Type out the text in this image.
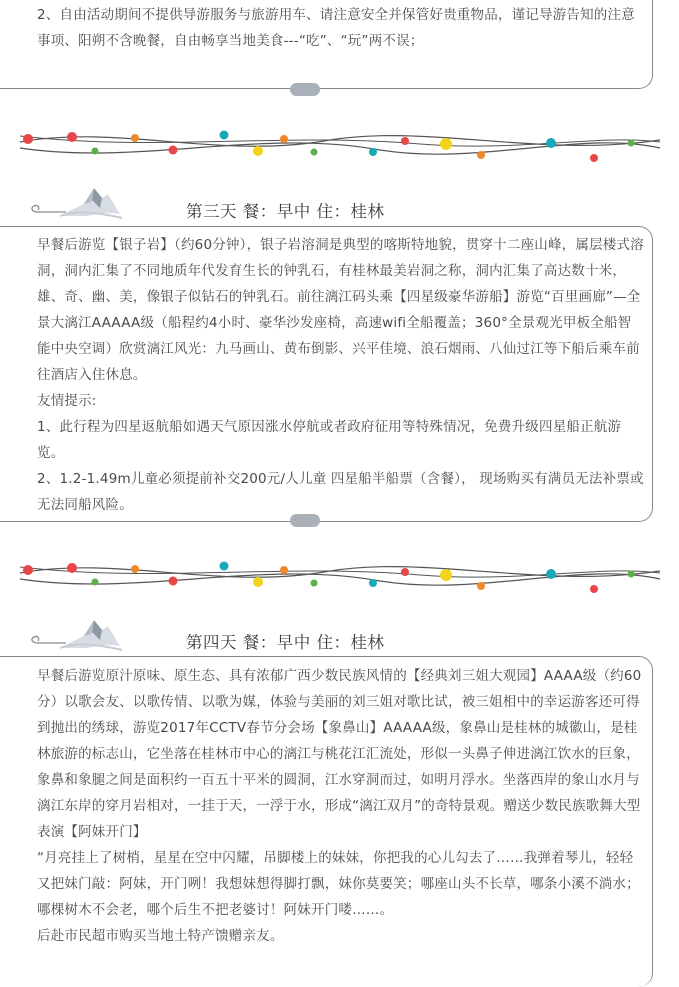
2、自由活动期间不提供导游服务与旅游用车、请注意安全并保管好贵重物品，谨记导游告知的注意事项、阳朔不含晚餐，自由畅享当地美食---“吃”、“玩”两不误；

第三天 餐：早中 住：桂林

早餐后游览【银子岩】（约60分钟），银子岩溶洞是典型的喀斯特地貌，贯穿十二座山峰，属层楼式溶洞，洞内汇集了不同地质年代发育生长的钟乳石，有桂林最美岩洞之称，洞内汇集了高达数十米，雄、奇、幽、美，像银子似钻石的钟乳石。前往漓江码头乘【四星级豪华游船】游览“百里画廊”—全景大漓江AAAAA级（船程约4小时、豪华沙发座椅，高速wifi全船覆盖；360°全景观光甲板全船智能中央空调）欣赏漓江风光：九马画山、黄布倒影、兴平佳境、浪石烟雨、八仙过江等下船后乘车前往酒店入住休息。

友情提示:

1、此行程为四星返航船如遇天气原因涨水停航或者政府征用等特殊情况，免费升级四星船正航游览。

2、1.2-1.49m儿童必须提前补交200元/人儿童 四星船半船票（含餐）， 现场购买有满员无法补票或无法同船风险。

第四天 餐：早中 住：桂林

早餐后游览原汁原味、原生态、具有浓郁广西少数民族风情的【经典刘三姐大观园】AAAA级（约60分）以歌会友、以歌传情、以歌为媒，体验与美丽的刘三姐对歌比试，被三姐相中的幸运游客还可得到抛出的绣球，游览2017年CCTV春节分会场【象鼻山】AAAAA级，象鼻山是桂林的城徽山，是桂林旅游的标志山，它坐落在桂林市中心的漓江与桃花江汇流处，形似一头鼻子伸进漓江饮水的巨象，象鼻和象腿之间是面积约一百五十平米的圆洞，江水穿洞而过，如明月浮水。坐落西岸的象山水月与漓江东岸的穿月岩相对，一挂于天，一浮于水，形成“漓江双月”的奇特景观。赠送少数民族歌舞大型表演【阿妹开门】

“月亮挂上了树梢，星星在空中闪耀，吊脚楼上的妹妹，你把我的心儿勾去了……我弹着琴儿，轻轻又把妹门敲：阿妹，开门咧！我想妹想得脚打飘，妹你莫要笑；哪座山头不长草，哪条小溪不淌水；哪棵树木不会老，哪个后生不把老婆讨！阿妹开门喽……。

后赴市民超市购买当地土特产馈赠亲友。
